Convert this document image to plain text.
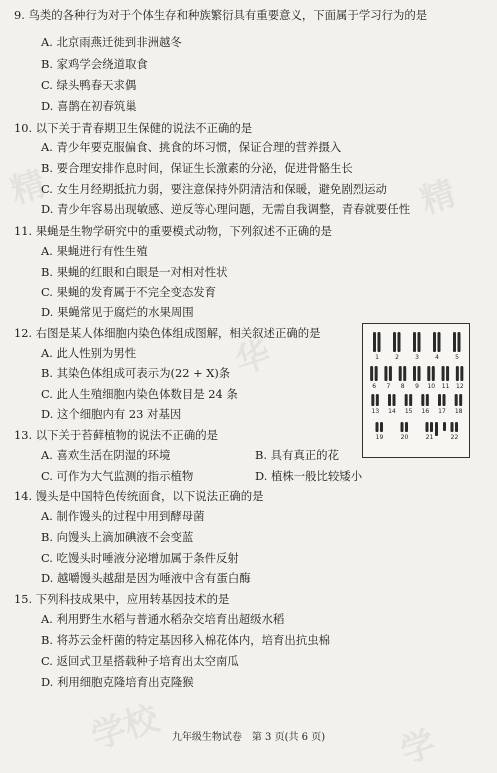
精
华
精
学
学校
9. 鸟类的各种行为对于个体生存和种族繁衍具有重要意义，下面属于学习行为的是
A. 北京雨燕迁徙到非洲越冬
B. 家鸡学会绕道取食
C. 绿头鸭春天求偶
D. 喜鹊在初春筑巢
10. 以下关于青春期卫生保健的说法不正确的是
A. 青少年要克服偏食、挑食的坏习惯，保证合理的营养摄入
B. 要合理安排作息时间，保证生长激素的分泌，促进骨骼生长
C. 女生月经期抵抗力弱，要注意保持外阴清洁和保暖，避免剧烈运动
D. 青少年容易出现敏感、逆反等心理问题，无需自我调整，青春就要任性
11. 果蝇是生物学研究中的重要模式动物，下列叙述不正确的是
A. 果蝇进行有性生殖
B. 果蝇的红眼和白眼是一对相对性状
C. 果蝇的发育属于不完全变态发育
D. 果蝇常见于腐烂的水果周围
12. 右图是某人体细胞内染色体组成图解，相关叙述正确的是
A. 此人性别为男性
B. 其染色体组成可表示为(22 + X)条
C. 此人生殖细胞内染色体数目是 24 条
D. 这个细胞内有 23 对基因
1	2	3	4	5
6 7 8 9 10 11 12
13 14 15 16 17 18
19	20	21	22
13. 以下关于苔藓植物的说法不正确的是
A. 喜欢生活在阴湿的环境	B. 具有真正的花
C. 可作为大气监测的指示植物	D. 植株一般比较矮小
14. 馒头是中国特色传统面食，以下说法正确的是
A. 制作馒头的过程中用到酵母菌
B. 向馒头上滴加碘液不会变蓝
C. 吃馒头时唾液分泌增加属于条件反射
D. 越嚼馒头越甜是因为唾液中含有蛋白酶
15. 下列科技成果中，应用转基因技术的是
A. 利用野生水稻与普通水稻杂交培育出超级水稻
B. 将苏云金杆菌的特定基因移入棉花体内，培育出抗虫棉
C. 返回式卫星搭载种子培育出太空南瓜
D. 利用细胞克隆培育出克隆猴
九年级生物试卷　第 3 页(共 6 页)
